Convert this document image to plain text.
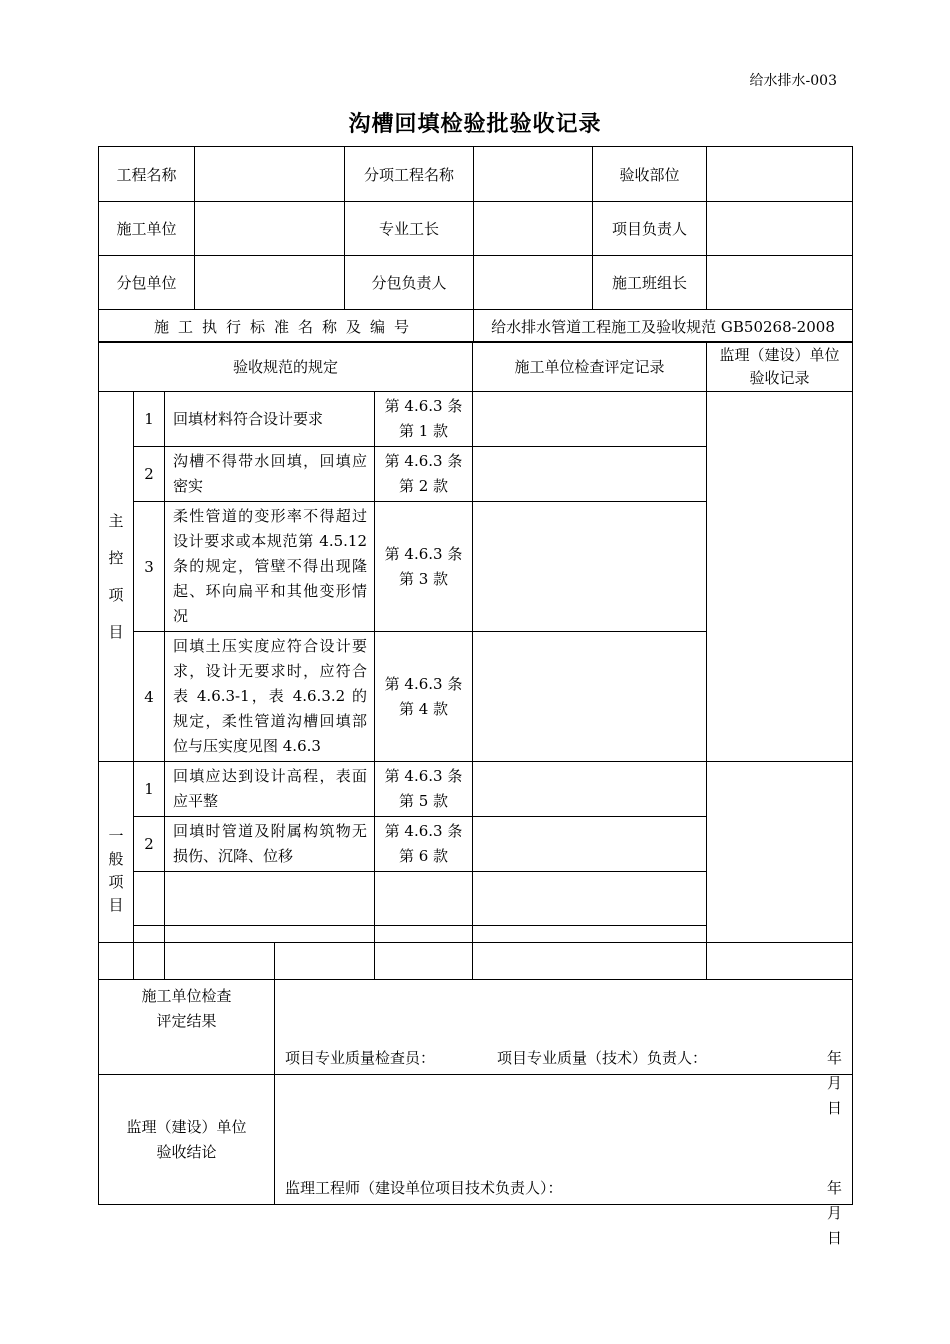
给水排水-003
沟槽回填检验批验收记录
工程名称		分项工程名称		验收部位	
施工单位		专业工长		项目负责人	
分包单位		分包负责人		施工班组长	
施工执行标准名称及编号			给水排水管道工程施工及验收规范 GB50268-2008		
验收规范的规定				施工单位检查评定记录	监理（建设）单位验收记录

主
控
项
目	1	回填材料符合设计要求	第 4.6.3 条
第 1 款		
	2	沟槽不得带水回填，回填应密实	第 4.6.3 条
第 2 款		
	3	柔性管道的变形率不得超过设计要求或本规范第 4.5.12 条的规定，管壁不得出现隆起、环向扁平和其他变形情况	第 4.6.3 条
第 3 款		
	4	回填土压实度应符合设计要求，设计无要求时，应符合表 4.6.3-1，表 4.6.3.2 的规定，柔性管道沟槽回填部位与压实度见图 4.6.3	第 4.6.3 条
第 4 款		

一
般
项
目	1	回填应达到设计高程，表面应平整	第 4.6.3 条
第 5 款		
	2	回填时管道及附属构筑物无损伤、沉降、位移	第 4.6.3 条
第 6 款		

施工单位检查
评定结果	项目专业质量检查员： 项目专业质量（技术）负责人： 年 月 日

监理（建设）单位
验收结论	监理工程师（建设单位项目技术负责人）： 年 月 日
